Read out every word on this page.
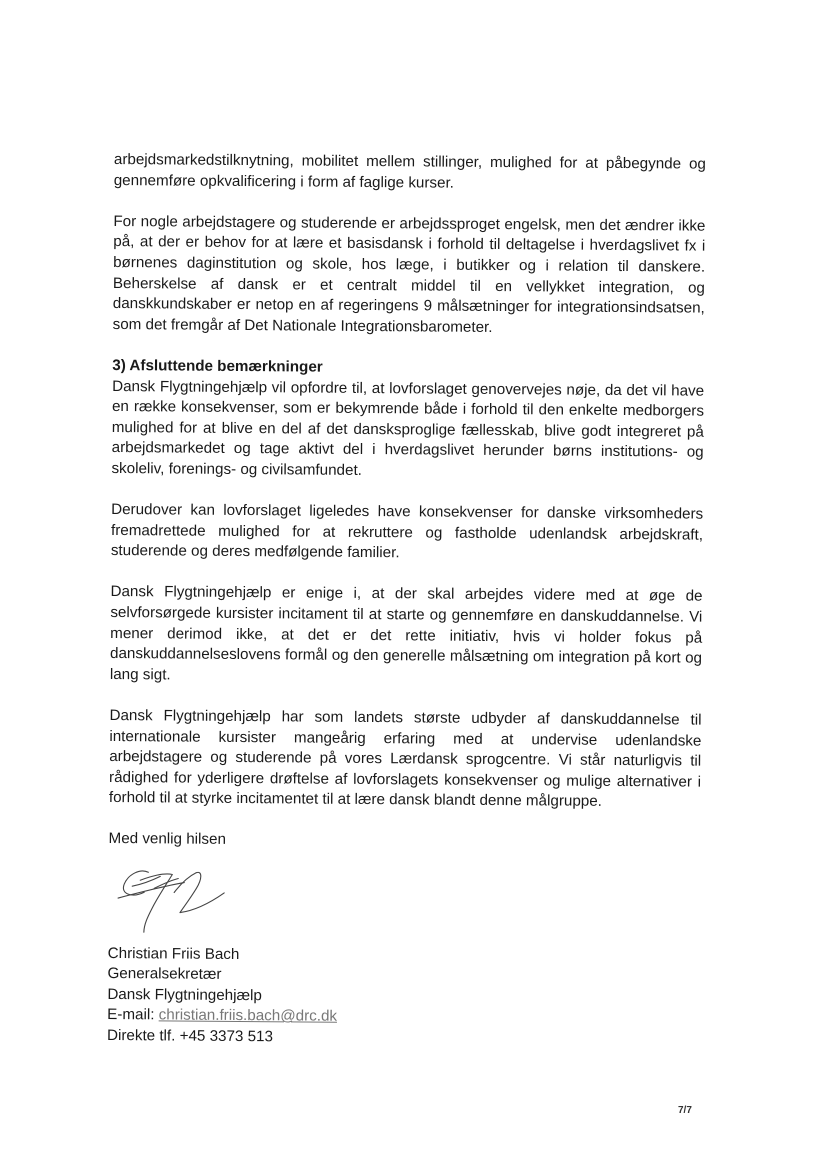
arbejdsmarkedstilknytning, mobilitet mellem stillinger, mulighed for at påbegynde og gennemføre opkvalificering i form af faglige kurser.

For nogle arbejdstagere og studerende er arbejdssproget engelsk, men det ændrer ikke på, at der er behov for at lære et basisdansk i forhold til deltagelse i hverdagslivet fx i børnenes daginstitution og skole, hos læge, i butikker og i relation til danskere. Beherskelse af dansk er et centralt middel til en vellykket integration, og danskkundskaber er netop en af regeringens 9 målsætninger for integrationsindsatsen, som det fremgår af Det Nationale Integrationsbarometer.

3) Afsluttende bemærkninger

Dansk Flygtningehjælp vil opfordre til, at lovforslaget genovervejes nøje, da det vil have en række konsekvenser, som er bekymrende både i forhold til den enkelte medborgers mulighed for at blive en del af det dansksproglige fællesskab, blive godt integreret på arbejdsmarkedet og tage aktivt del i hverdagslivet herunder børns institutions- og skoleliv, forenings- og civilsamfundet.

Derudover kan lovforslaget ligeledes have konsekvenser for danske virksomheders fremadrettede mulighed for at rekruttere og fastholde udenlandsk arbejdskraft, studerende og deres medfølgende familier.

Dansk Flygtningehjælp er enige i, at der skal arbejdes videre med at øge de selvforsørgede kursister incitament til at starte og gennemføre en danskuddannelse. Vi mener derimod ikke, at det er det rette initiativ, hvis vi holder fokus på danskuddannelseslovens formål og den generelle målsætning om integration på kort og lang sigt.

Dansk Flygtningehjælp har som landets største udbyder af danskuddannelse til internationale kursister mangeårig erfaring med at undervise udenlandske arbejdstagere og studerende på vores Lærdansk sprogcentre. Vi står naturligvis til rådighed for yderligere drøftelse af lovforslagets konsekvenser og mulige alternativer i forhold til at styrke incitamentet til at lære dansk blandt denne målgruppe.

Med venlig hilsen
Christian Friis Bach
Generalsekretær
Dansk Flygtningehjælp
E-mail: christian.friis.bach@drc.dk
Direkte tlf. +45 3373 513
7/7
